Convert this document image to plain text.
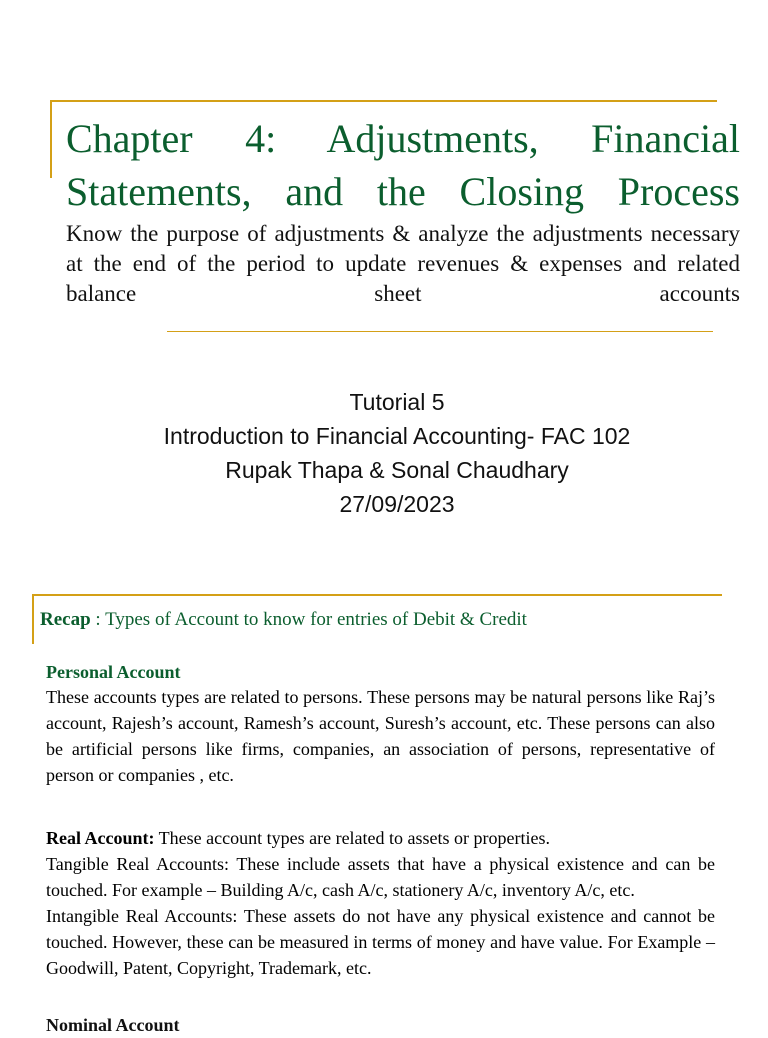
Chapter 4: Adjustments, Financial Statements, and the Closing Process
Know the purpose of adjustments & analyze the adjustments necessary at the end of the period to update revenues & expenses and related balance sheet accounts
Tutorial 5
Introduction to Financial Accounting- FAC 102
Rupak Thapa & Sonal Chaudhary
27/09/2023
Recap : Types of Account to know for entries of Debit & Credit
Personal Account
These accounts types are related to persons. These persons may be natural persons like Raj’s account, Rajesh’s account, Ramesh’s account, Suresh’s account, etc. These persons can also be artificial persons like firms, companies, an association of persons, representative of person or companies , etc.
Real Account: These account types are related to assets or properties.
Tangible Real Accounts: These include assets that have a physical existence and can be touched. For example – Building A/c, cash A/c, stationery A/c, inventory A/c, etc.
Intangible Real Accounts: These assets do not have any physical existence and cannot be touched. However, these can be measured in terms of money and have value. For Example – Goodwill, Patent, Copyright, Trademark, etc.
Nominal Account
